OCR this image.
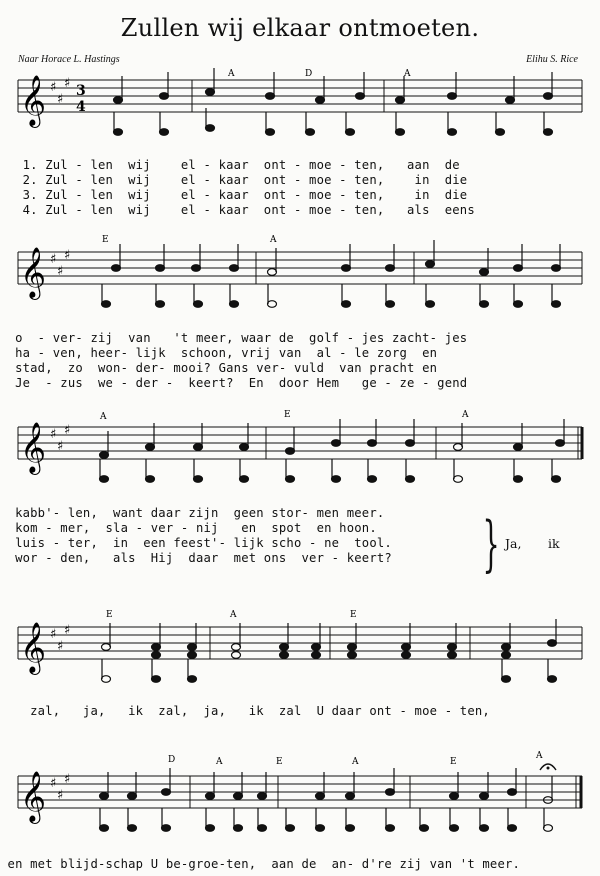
Zullen wij elkaar ontmoeten.
Naar Horace L. Hastings	Elihu S. Rice
𝄞 ♯
♯
♯ 3
4
A	D	A
1. Zul - len  wij    el - kaar  ont - moe - ten,   aan  de
2. Zul - len  wij    el - kaar  ont - moe - ten,    in  die
3. Zul - len  wij    el - kaar  ont - moe - ten,    in  die
4. Zul - len  wij    el - kaar  ont - moe - ten,   als  eens
𝄞 ♯
♯
♯
E	A
o  - ver- zij  van   't meer, waar de  golf - jes zacht- jes
ha - ven, heer- lijk  schoon, vrij van  al - le zorg  en
stad,  zo  won- der- mooi? Gans ver- vuld  van pracht en
Je  - zus  we - der -  keert?  En  door Hem   ge - ze - gend
𝄞 ♯
♯
♯
A	E	A
kabb'- len,  want daar zijn  geen stor- men meer.
kom - mer,  sla - ver - nij   en  spot  en hoon.
luis - ter,  in  een feest'- lijk scho - ne  tool.
wor - den,   als  Hij  daar  met ons  ver - keert?	} Ja, ik
𝄞 ♯
♯
♯
E	A	E
zal,   ja,   ik  zal,  ja,   ik  zal  U daar ont - moe - ten,
𝄞 ♯
♯
♯
D	A	E	A	E
A
en met blijd-schap U be-groe-ten,  aan de  an- d're zij van 't meer.
